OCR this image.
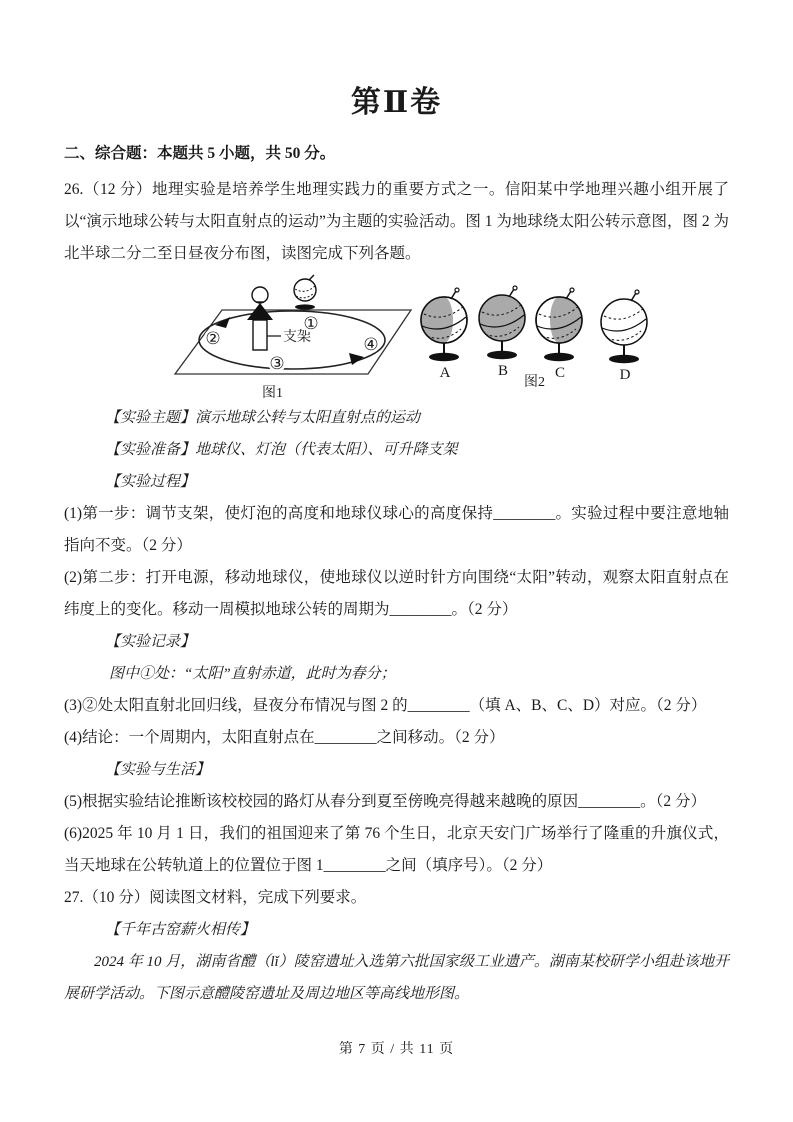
第Ⅱ卷

二、综合题：本题共 5 小题，共 50 分。

26.（12 分）地理实验是培养学生地理实践力的重要方式之一。信阳某中学地理兴趣小组开展了以“演示地球公转与太阳直射点的运动”为主题的实验活动。图 1 为地球绕太阳公转示意图，图 2 为北半球二分二至日昼夜分布图，读图完成下列各题。

支架
①
②
③
④
图1

A	B	C	D
图2

【实验主题】演示地球公转与太阳直射点的运动

【实验准备】地球仪、灯泡（代表太阳）、可升降支架

【实验过程】

(1)第一步：调节支架，使灯泡的高度和地球仪球心的高度保持________。实验过程中要注意地轴指向不变。（2 分）

(2)第二步：打开电源，移动地球仪，使地球仪以逆时针方向围绕“太阳”转动，观察太阳直射点在纬度上的变化。移动一周模拟地球公转的周期为________。（2 分）

【实验记录】

图中①处：“太阳”直射赤道，此时为春分；

(3)②处太阳直射北回归线，昼夜分布情况与图 2 的________（填 A、B、C、D）对应。（2 分）

(4)结论：一个周期内，太阳直射点在________之间移动。（2 分）

【实验与生活】

(5)根据实验结论推断该校校园的路灯从春分到夏至傍晚亮得越来越晚的原因________。（2 分）

(6)2025 年 10 月 1 日，我们的祖国迎来了第 76 个生日，北京天安门广场举行了隆重的升旗仪式，当天地球在公转轨道上的位置位于图 1________之间（填序号）。（2 分）

27.（10 分）阅读图文材料，完成下列要求。

【千年古窑薪火相传】

2024 年 10 月，湖南省醴（lǐ）陵窑遗址入选第六批国家级工业遗产。湖南某校研学小组赴该地开展研学活动。下图示意醴陵窑遗址及周边地区等高线地形图。

第 7 页 / 共 11 页
